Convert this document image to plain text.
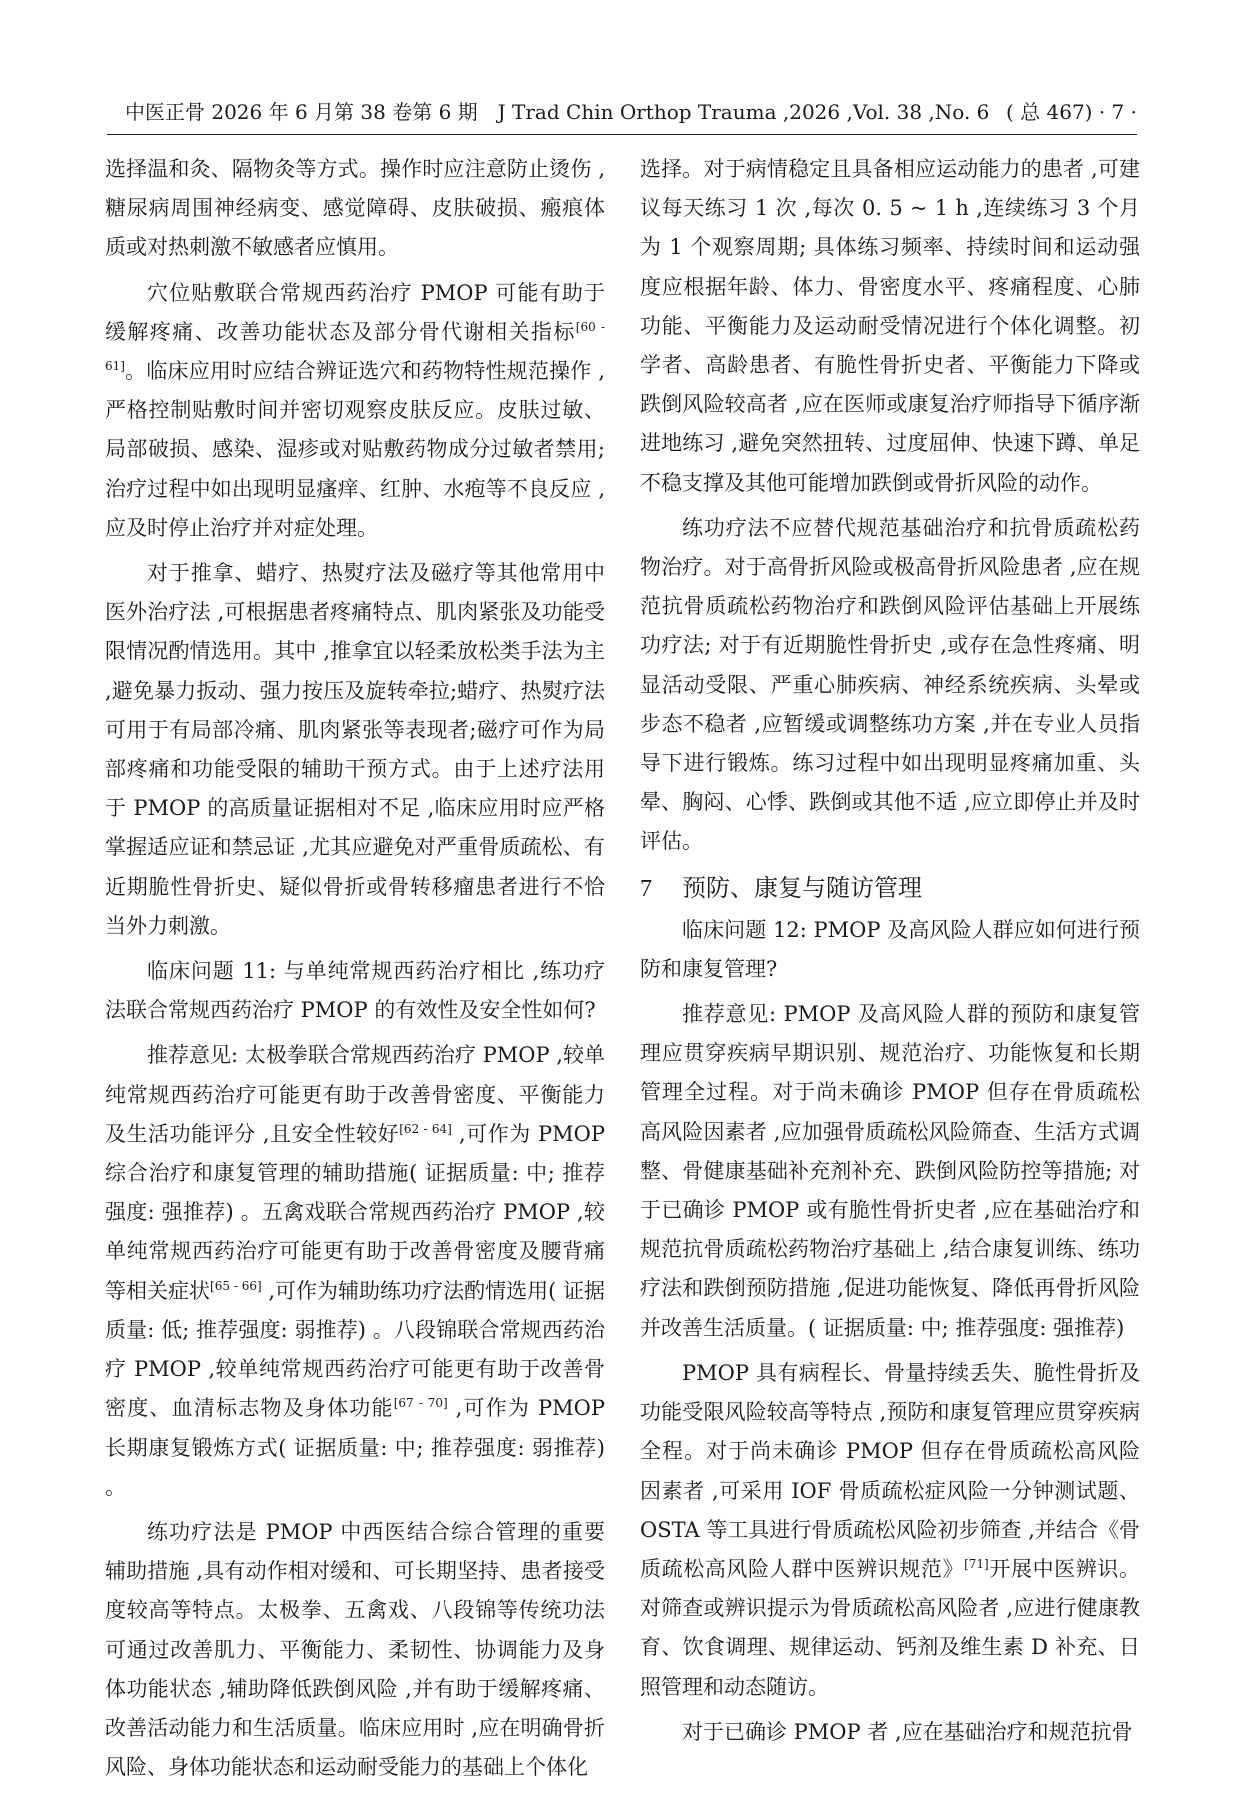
中医正骨 2026 年 6 月第 38 卷第 6 期　J Trad Chin Orthop Trauma ,2026 ,Vol. 38 ,No. 6 ( 总 467) · 7 ·

选择温和灸、隔物灸等方式。操作时应注意防止烫伤 ,糖尿病周围神经病变、感觉障碍、皮肤破损、瘢痕体质或对热刺激不敏感者应慎用。

穴位贴敷联合常规西药治疗 PMOP 可能有助于缓解疼痛、改善功能状态及部分骨代谢相关指标[60 - 61]。临床应用时应结合辨证选穴和药物特性规范操作 ,严格控制贴敷时间并密切观察皮肤反应。皮肤过敏、局部破损、感染、湿疹或对贴敷药物成分过敏者禁用;治疗过程中如出现明显瘙痒、红肿、水疱等不良反应 ,应及时停止治疗并对症处理。

对于推拿、蜡疗、热熨疗法及磁疗等其他常用中医外治疗法 ,可根据患者疼痛特点、肌肉紧张及功能受限情况酌情选用。其中 ,推拿宜以轻柔放松类手法为主 ,避免暴力扳动、强力按压及旋转牵拉;蜡疗、热熨疗法可用于有局部冷痛、肌肉紧张等表现者;磁疗可作为局部疼痛和功能受限的辅助干预方式。由于上述疗法用于 PMOP 的高质量证据相对不足 ,临床应用时应严格掌握适应证和禁忌证 ,尤其应避免对严重骨质疏松、有近期脆性骨折史、疑似骨折或骨转移瘤患者进行不恰当外力刺激。

临床问题 11: 与单纯常规西药治疗相比 ,练功疗法联合常规西药治疗 PMOP 的有效性及安全性如何?

推荐意见: 太极拳联合常规西药治疗 PMOP ,较单纯常规西药治疗可能更有助于改善骨密度、平衡能力及生活功能评分 ,且安全性较好[62 - 64] ,可作为 PMOP 综合治疗和康复管理的辅助措施( 证据质量: 中; 推荐强度: 强推荐) 。五禽戏联合常规西药治疗 PMOP ,较单纯常规西药治疗可能更有助于改善骨密度及腰背痛等相关症状[65 - 66] ,可作为辅助练功疗法酌情选用( 证据质量: 低; 推荐强度: 弱推荐) 。八段锦联合常规西药治疗 PMOP ,较单纯常规西药治疗可能更有助于改善骨密度、血清标志物及身体功能[67 - 70] ,可作为 PMOP 长期康复锻炼方式( 证据质量: 中; 推荐强度: 弱推荐) 。

练功疗法是 PMOP 中西医结合综合管理的重要辅助措施 ,具有动作相对缓和、可长期坚持、患者接受度较高等特点。太极拳、五禽戏、八段锦等传统功法可通过改善肌力、平衡能力、柔韧性、协调能力及身体功能状态 ,辅助降低跌倒风险 ,并有助于缓解疼痛、改善活动能力和生活质量。临床应用时 ,应在明确骨折风险、身体功能状态和运动耐受能力的基础上个体化

选择。对于病情稳定且具备相应运动能力的患者 ,可建议每天练习 1 次 ,每次 0. 5 ~ 1 h ,连续练习 3 个月为 1 个观察周期; 具体练习频率、持续时间和运动强度应根据年龄、体力、骨密度水平、疼痛程度、心肺功能、平衡能力及运动耐受情况进行个体化调整。初学者、高龄患者、有脆性骨折史者、平衡能力下降或跌倒风险较高者 ,应在医师或康复治疗师指导下循序渐进地练习 ,避免突然扭转、过度屈伸、快速下蹲、单足不稳支撑及其他可能增加跌倒或骨折风险的动作。

练功疗法不应替代规范基础治疗和抗骨质疏松药物治疗。对于高骨折风险或极高骨折风险患者 ,应在规范抗骨质疏松药物治疗和跌倒风险评估基础上开展练功疗法; 对于有近期脆性骨折史 ,或存在急性疼痛、明显活动受限、严重心肺疾病、神经系统疾病、头晕或步态不稳者 ,应暂缓或调整练功方案 ,并在专业人员指导下进行锻炼。练习过程中如出现明显疼痛加重、头晕、胸闷、心悸、跌倒或其他不适 ,应立即停止并及时评估。

7 预防、康复与随访管理

临床问题 12: PMOP 及高风险人群应如何进行预防和康复管理?

推荐意见: PMOP 及高风险人群的预防和康复管理应贯穿疾病早期识别、规范治疗、功能恢复和长期管理全过程。对于尚未确诊 PMOP 但存在骨质疏松高风险因素者 ,应加强骨质疏松风险筛查、生活方式调整、骨健康基础补充剂补充、跌倒风险防控等措施; 对于已确诊 PMOP 或有脆性骨折史者 ,应在基础治疗和规范抗骨质疏松药物治疗基础上 ,结合康复训练、练功疗法和跌倒预防措施 ,促进功能恢复、降低再骨折风险并改善生活质量。( 证据质量: 中; 推荐强度: 强推荐)

PMOP 具有病程长、骨量持续丢失、脆性骨折及功能受限风险较高等特点 ,预防和康复管理应贯穿疾病全程。对于尚未确诊 PMOP 但存在骨质疏松高风险因素者 ,可采用 IOF 骨质疏松症风险一分钟测试题、OSTA 等工具进行骨质疏松风险初步筛查 ,并结合《骨质疏松高风险人群中医辨识规范》[71]开展中医辨识。对筛查或辨识提示为骨质疏松高风险者 ,应进行健康教育、饮食调理、规律运动、钙剂及维生素 D 补充、日照管理和动态随访。

对于已确诊 PMOP 者 ,应在基础治疗和规范抗骨
